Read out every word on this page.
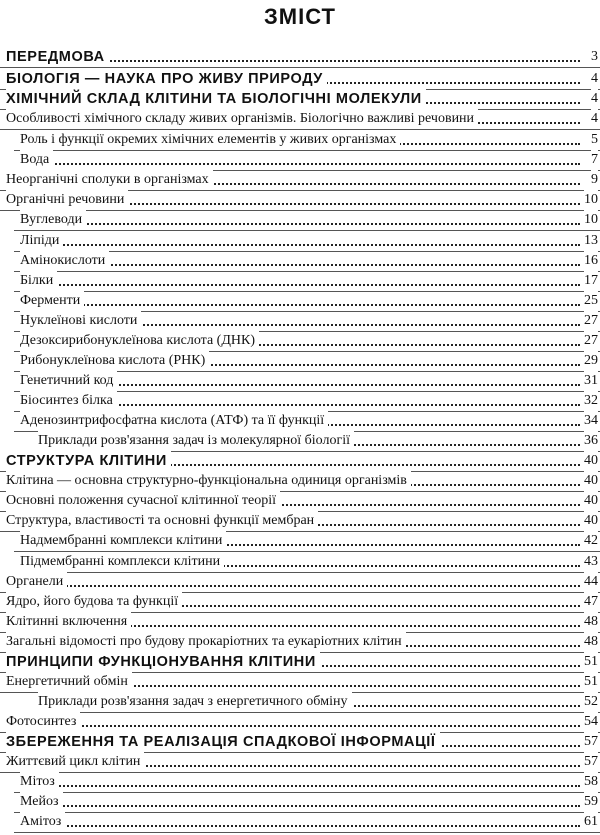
ЗМІСТ
ПЕРЕДМОВА	3
БІОЛОГІЯ — НАУКА ПРО ЖИВУ ПРИРОДУ	4
ХІМІЧНИЙ СКЛАД КЛІТИНИ ТА БІОЛОГІЧНІ МОЛЕКУЛИ	4
Особливості хімічного складу живих організмів. Біологічно важливі речовини	4
Роль і функції окремих хімічних елементів у живих організмах	5
Вода	7
Неорганічні сполуки в організмах	9
Органічні речовини	10
Вуглеводи	10
Ліпіди	13
Амінокислоти	16
Білки	17
Ферменти	25
Нуклеїнові кислоти	27
Дезоксирибонуклеїнова кислота (ДНК)	27
Рибонуклеїнова кислота (РНК)	29
Генетичний код	31
Біосинтез білка	32
Аденозинтрифосфатна кислота (АТФ) та її функції	34
Приклади розв'язання задач із молекулярної біології	36
СТРУКТУРА КЛІТИНИ	40
Клітина — основна структурно-функціональна одиниця організмів	40
Основні положення сучасної клітинної теорії	40
Структура, властивості та основні функції мембран	40
Надмембранні комплекси клітини	42
Підмембранні комплекси клітини	43
Органели	44
Ядро, його будова та функції	47
Клітинні включення	48
Загальні відомості про будову прокаріотних та еукаріотних клітин	48
ПРИНЦИПИ ФУНКЦІОНУВАННЯ КЛІТИНИ	51
Енергетичний обмін	51
Приклади розв'язання задач з енергетичного обміну	52
Фотосинтез	54
ЗБЕРЕЖЕННЯ ТА РЕАЛІЗАЦІЯ СПАДКОВОЇ ІНФОРМАЦІЇ	57
Життєвий цикл клітин	57
Мітоз	58
Мейоз	59
Амітоз	61
